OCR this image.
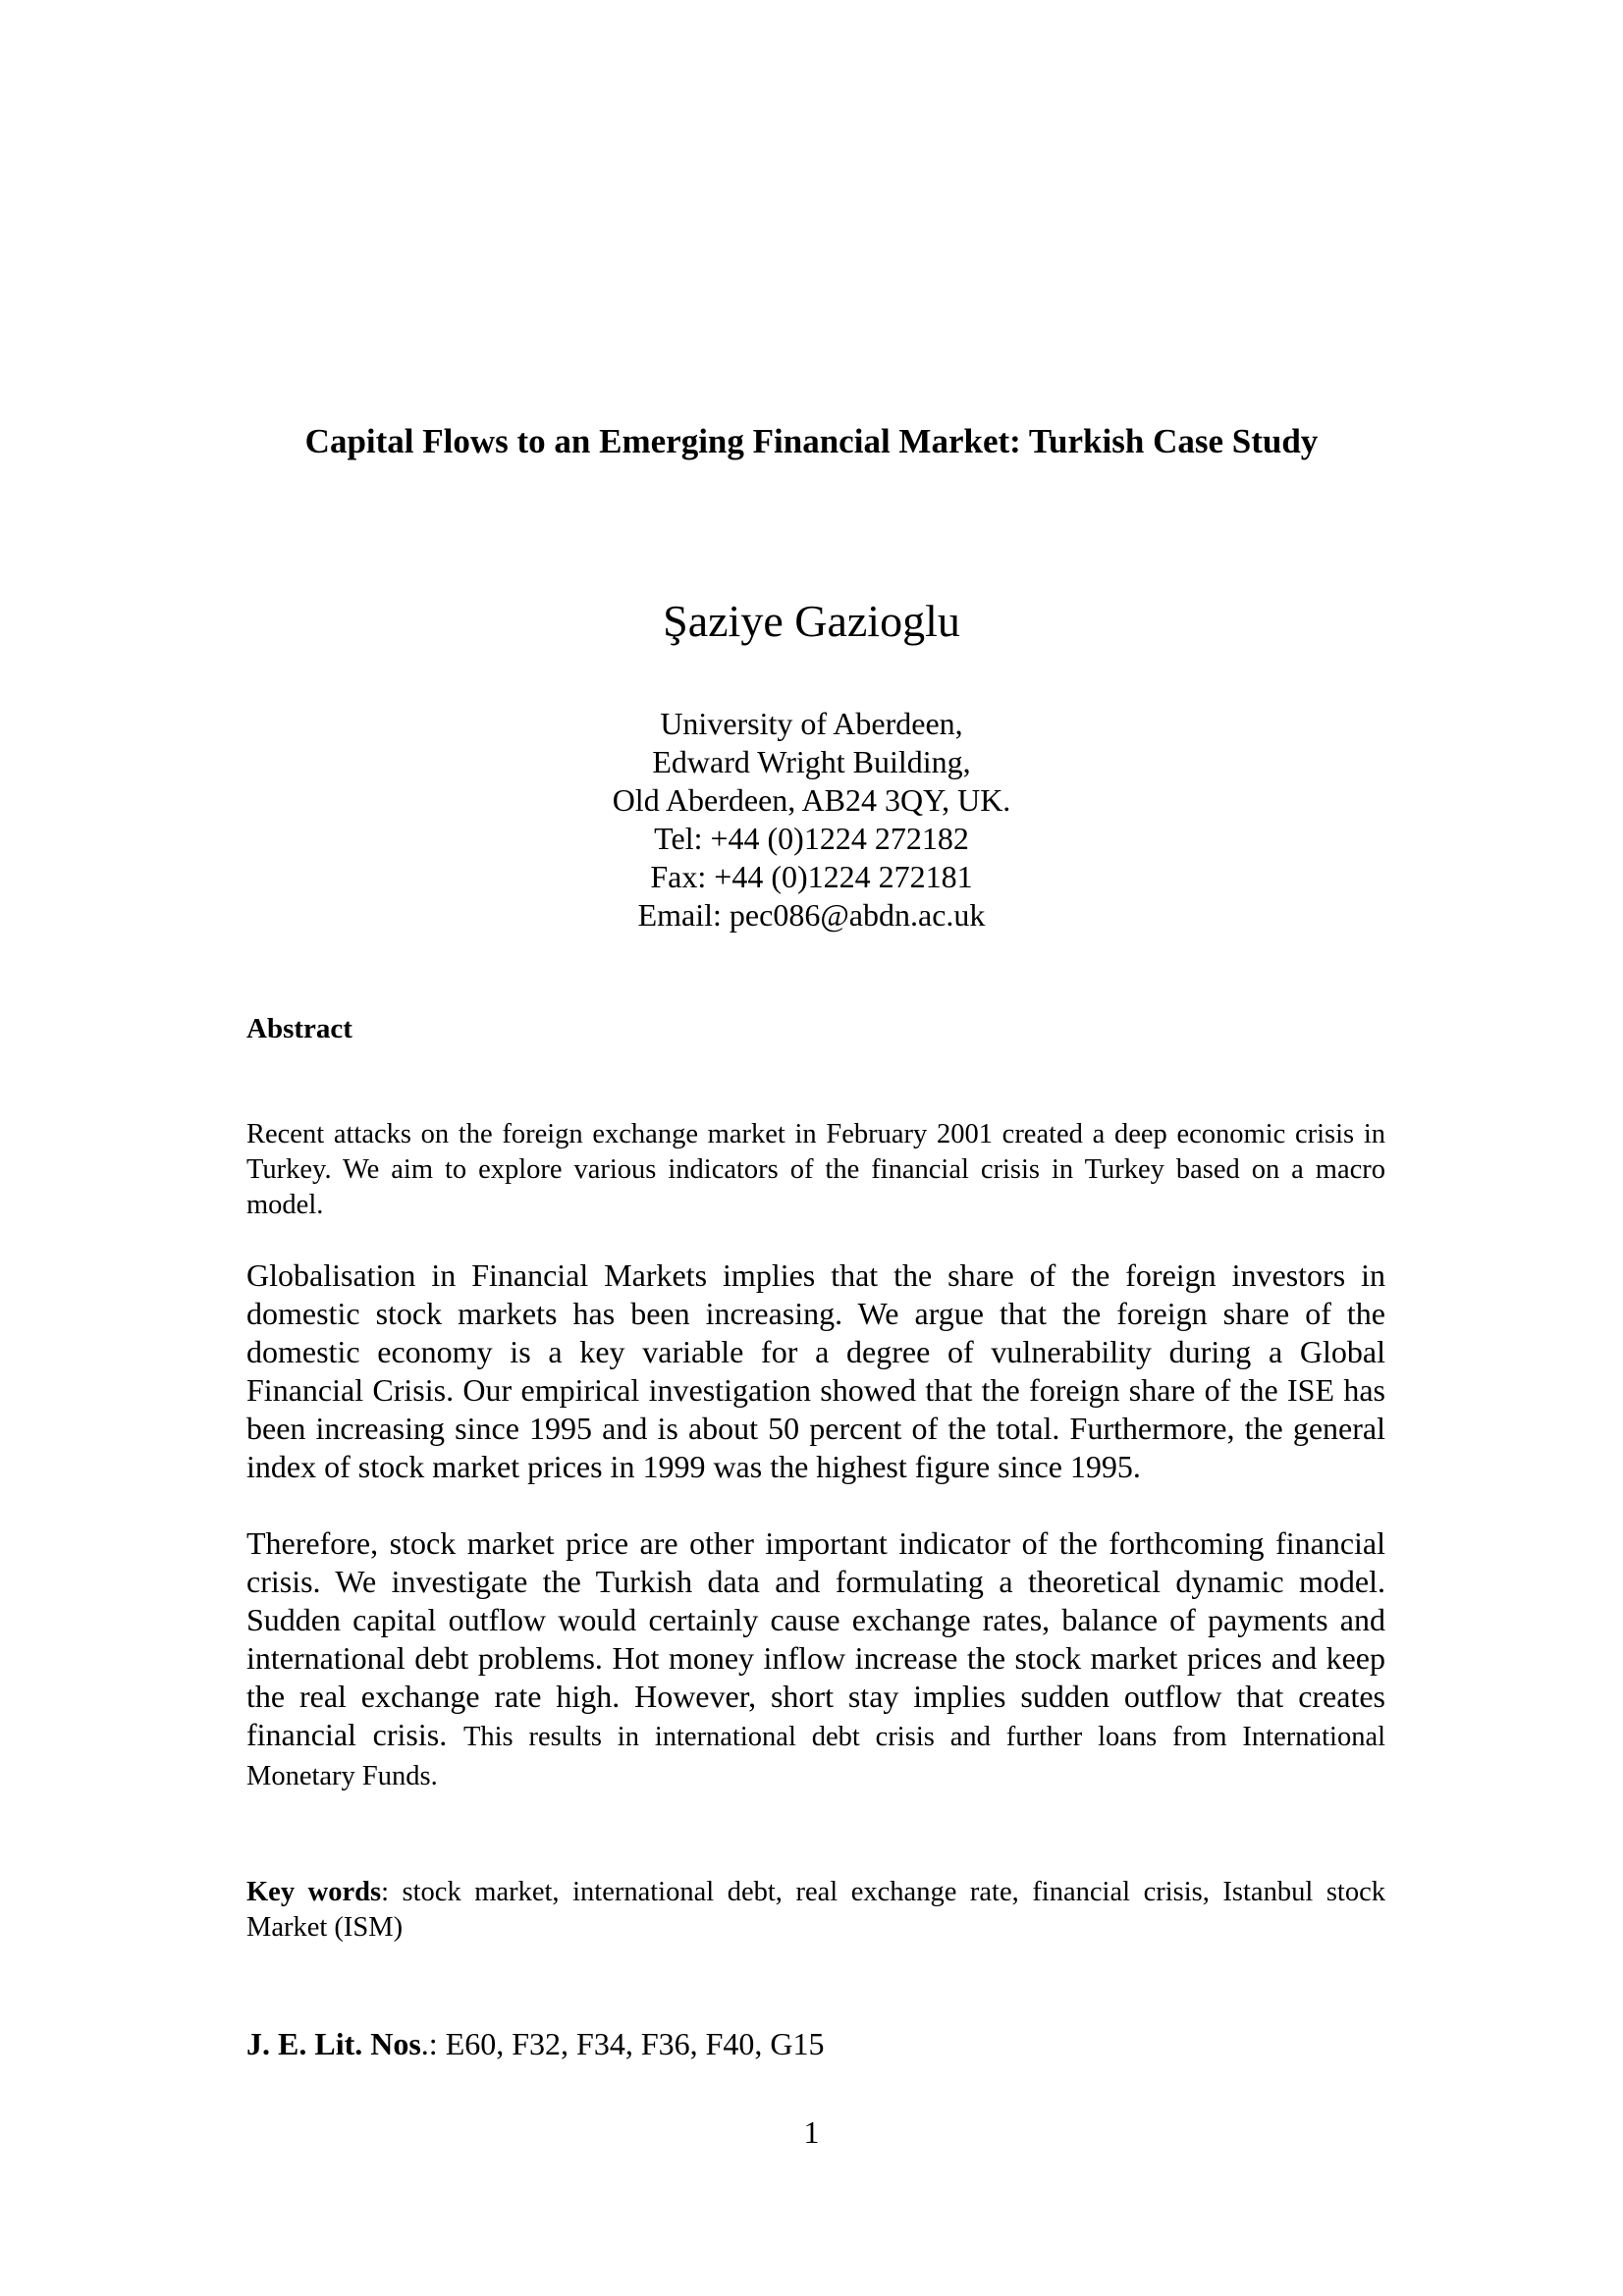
Capital Flows to an Emerging Financial Market: Turkish Case Study
Şaziye Gazioglu
University of Aberdeen,
Edward Wright Building,
Old Aberdeen, AB24 3QY, UK.
Tel: +44 (0)1224 272182
Fax: +44 (0)1224 272181
Email: pec086@abdn.ac.uk
Abstract
Recent attacks on the foreign exchange market in February 2001 created a deep economic crisis in Turkey. We aim to explore various indicators of the financial crisis in Turkey based on a macro model.
Globalisation in Financial Markets implies that the share of the foreign investors in domestic stock markets has been increasing. We argue that the foreign share of the domestic economy is a key variable for a degree of vulnerability during a Global Financial Crisis. Our empirical investigation showed that the foreign share of the ISE has been increasing since 1995 and is about 50 percent of the total. Furthermore, the general index of stock market prices in 1999 was the highest figure since 1995.
Therefore, stock market price are other important indicator of the forthcoming financial crisis. We investigate the Turkish data and formulating a theoretical dynamic model. Sudden capital outflow would certainly cause exchange rates, balance of payments and international debt problems. Hot money inflow increase the stock market prices and keep the real exchange rate high. However, short stay implies sudden outflow that creates financial crisis. This results in international debt crisis and further loans from International Monetary Funds.
Key words: stock market, international debt, real exchange rate, financial crisis, Istanbul stock Market (ISM)
J. E. Lit. Nos.: E60, F32, F34, F36, F40, G15
1
